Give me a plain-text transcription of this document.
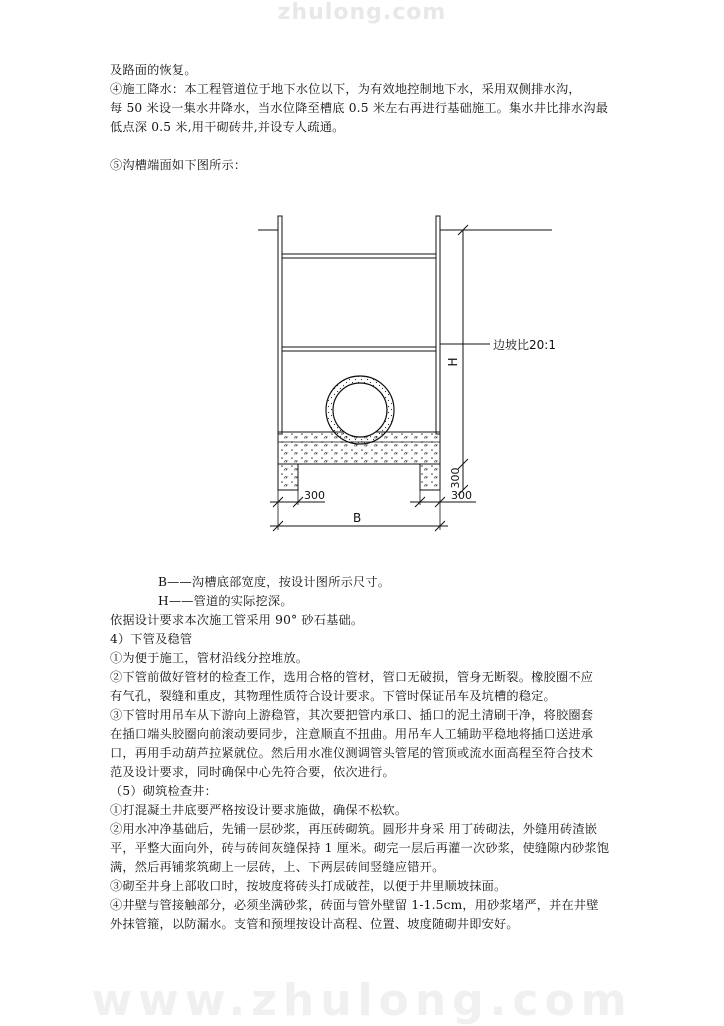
zhulong.com
及路面的恢复。
④施工降水：本工程管道位于地下水位以下，为有效地控制地下水，采用双侧排水沟，
每 50 米设一集水井降水，当水位降至槽底 0.5 米左右再进行基础施工。集水井比排水沟最
低点深 0.5 米,用干砌砖井,并设专人疏通。
⑤沟槽端面如下图所示：
H
边坡比20:1
300
300	300
B
B——沟槽底部宽度，按设计图所示尺寸。
H——管道的实际挖深。
依据设计要求本次施工管采用 90° 砂石基础。
4）下管及稳管
①为便于施工，管材沿线分控堆放。
②下管前做好管材的检查工作，选用合格的管材，管口无破损，管身无断裂。橡胶圈不应
有气孔，裂缝和重皮，其物理性质符合设计要求。下管时保证吊车及坑槽的稳定。
③下管时用吊车从下游向上游稳管，其次要把管内承口、插口的泥土清刷干净，将胶圈套
在插口端头胶圈向前滚动要同步，注意顺直不扭曲。用吊车人工辅助平稳地将插口送进承
口，再用手动葫芦拉紧就位。然后用水准仪测调管头管尾的管顶或流水面高程至符合技术
范及设计要求，同时确保中心先符合要，依次进行。
（5）砌筑检查井：
①打混凝土井底要严格按设计要求施做，确保不松软。
②用水冲净基础后，先铺一层砂浆，再压砖砌筑。圆形井身采 用丁砖砌法，外缝用砖渣嵌
平，平整大面向外，砖与砖间灰缝保持 1 厘米。砌完一层后再灌一次砂浆，使缝隙内砂浆饱
满，然后再铺浆筑砌上一层砖，上、下两层砖间竖缝应错开。
③砌至井身上部收口时，按坡度将砖头打成破茬，以便于井里顺坡抹面。
④井壁与管接触部分，必须坐满砂浆，砖面与管外壁留 1-1.5cm，用砂浆堵严，并在井壁
外抹管箍，以防漏水。支管和预埋按设计高程、位置、坡度随砌井即安好。
www.zhulong.com
